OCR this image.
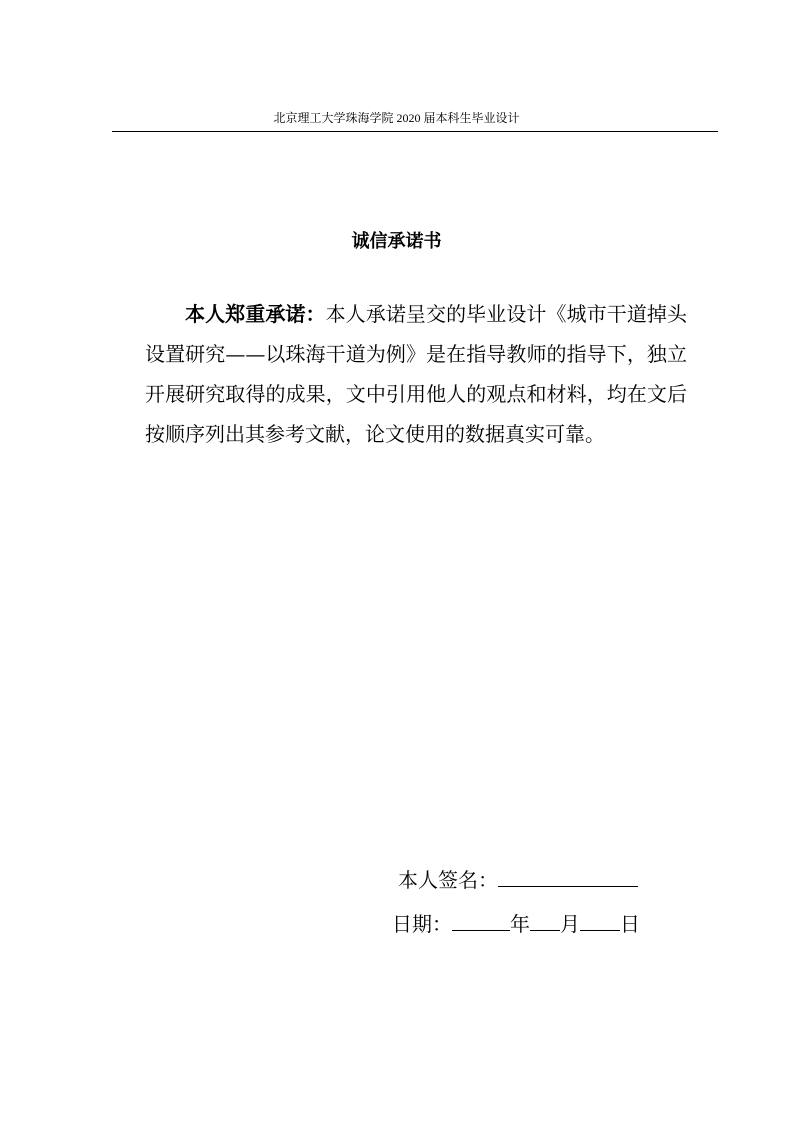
北京理工大学珠海学院 2020 届本科生毕业设计
诚信承诺书

本人郑重承诺：本人承诺呈交的毕业设计《城市干道掉头设置研究——以珠海干道为例》是在指导教师的指导下，独立开展研究取得的成果，文中引用他人的观点和材料，均在文后按顺序列出其参考文献，论文使用的数据真实可靠。

本人签名：
日期：	年 月 日
